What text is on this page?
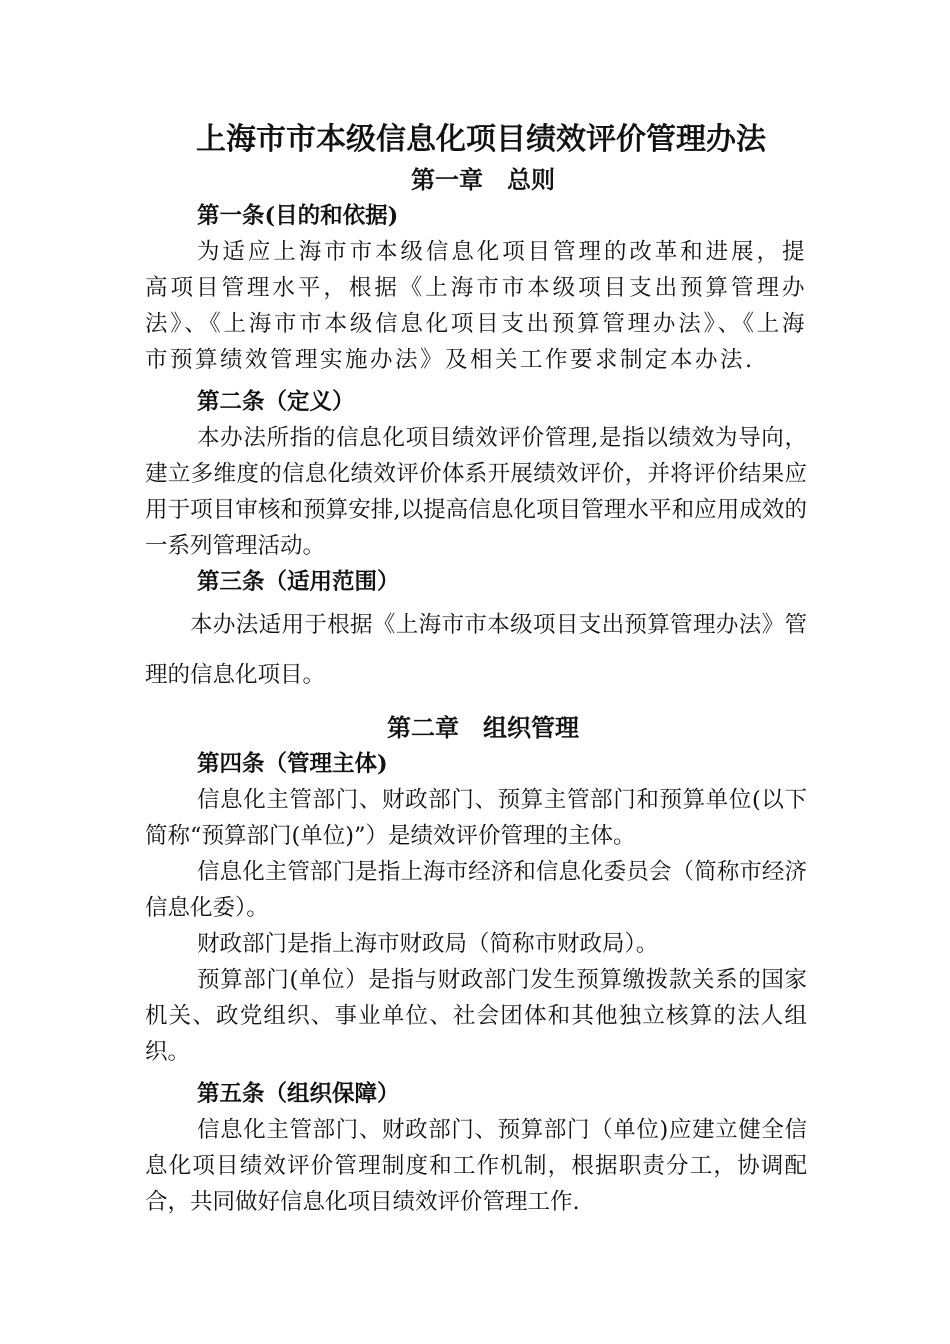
上海市市本级信息化项目绩效评价管理办法
第一章　总则
第一条(目的和依据)

为适应上海市市本级信息化项目管理的改革和进展，提高项目管理水平，根据《上海市市本级项目支出预算管理办法》、《上海市市本级信息化项目支出预算管理办法》、《上海市预算绩效管理实施办法》及相关工作要求制定本办法.

第二条（定义）

本办法所指的信息化项目绩效评价管理,是指以绩效为导向，建立多维度的信息化绩效评价体系开展绩效评价，并将评价结果应用于项目审核和预算安排,以提高信息化项目管理水平和应用成效的一系列管理活动。

第三条（适用范围）

本办法适用于根据《上海市市本级项目支出预算管理办法》管理的信息化项目。

第二章　组织管理
第四条（管理主体)

信息化主管部门、财政部门、预算主管部门和预算单位(以下简称“预算部门(单位)”）是绩效评价管理的主体。

信息化主管部门是指上海市经济和信息化委员会（简称市经济信息化委）。

财政部门是指上海市财政局（简称市财政局）。

预算部门(单位）是指与财政部门发生预算缴拨款关系的国家机关、政党组织、事业单位、社会团体和其他独立核算的法人组织。

第五条（组织保障）

信息化主管部门、财政部门、预算部门（单位)应建立健全信息化项目绩效评价管理制度和工作机制，根据职责分工，协调配合，共同做好信息化项目绩效评价管理工作.
